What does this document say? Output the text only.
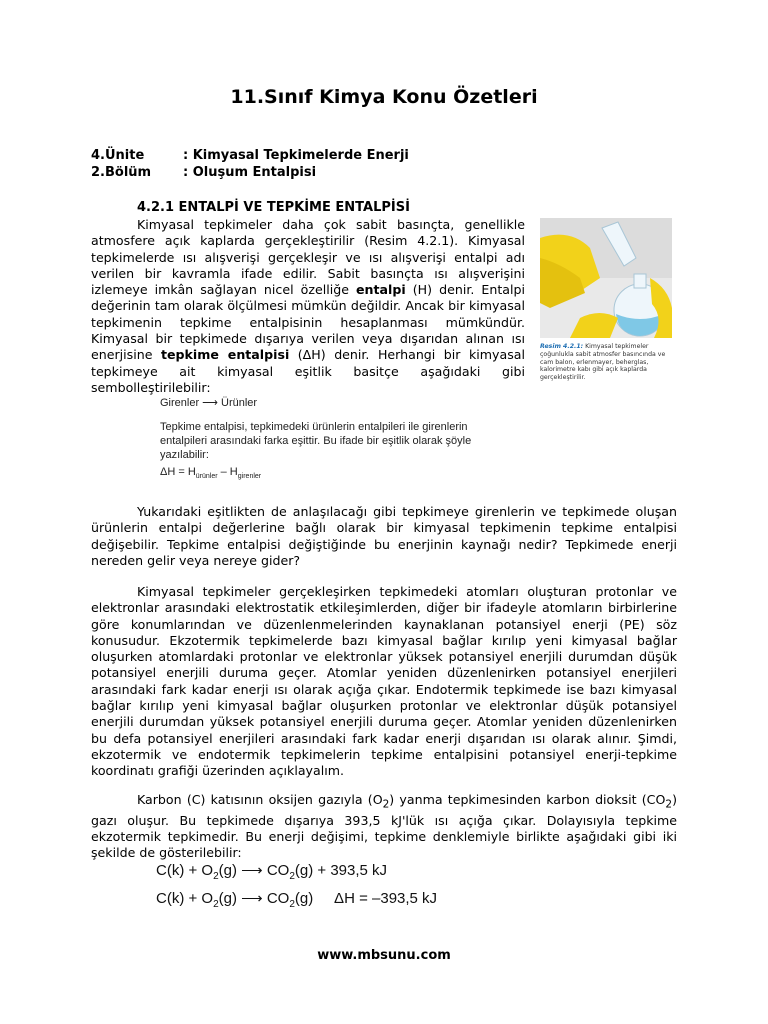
11.Sınıf Kimya Konu Özetleri
4.Ünite	: Kimyasal Tepkimelerde Enerji
2.Bölüm	: Oluşum Entalpisi
4.2.1 ENTALPİ VE TEPKİME ENTALPİSİ

Kimyasal tepkimeler daha çok sabit basınçta, genellikle atmosfere açık kaplarda gerçekleştirilir (Resim 4.2.1). Kimyasal tepkimelerde ısı alışverişi gerçekleşir ve ısı alışverişi entalpi adı verilen bir kavramla ifade edilir. Sabit basınçta ısı alışverişini izlemeye imkân sağlayan nicel özelliğe entalpi (H) denir. Entalpi değerinin tam olarak ölçülmesi mümkün değildir. Ancak bir kimyasal tepkimenin tepkime entalpisinin hesaplanması mümkündür. Kimyasal bir tepkimede dışarıya verilen veya dışarıdan alınan ısı enerjisine tepkime entalpisi (ΔH) denir. Herhangi bir kimyasal tepkimeye ait kimyasal eşitlik basitçe aşağıdaki gibi sembolleştirilebilir:

Resim 4.2.1: Kimyasal tepkimeler çoğunlukla sabit atmosfer basıncında ve cam balon, erlenmayer, beherglas, kalorimetre kabı gibi açık kaplarda gerçekleştirilir.
Girenler ⟶ Ürünler
Tepkime entalpisi, tepkimedeki ürünlerin entalpileri ile girenlerin entalpileri arasındaki farka eşittir. Bu ifade bir eşitlik olarak şöyle yazılabilir:
$\Delta H = H_{ürünler} - H_{girenler}$

Yukarıdaki eşitlikten de anlaşılacağı gibi tepkimeye girenlerin ve tepkimede oluşan ürünlerin entalpi değerlerine bağlı olarak bir kimyasal tepkimenin tepkime entalpisi değişebilir. Tepkime entalpisi değiştiğinde bu enerjinin kaynağı nedir? Tepkimede enerji nereden gelir veya nereye gider?

Kimyasal tepkimeler gerçekleşirken tepkimedeki atomları oluşturan protonlar ve elektronlar arasındaki elektrostatik etkileşimlerden, diğer bir ifadeyle atomların birbirlerine göre konumlarından ve düzenlenmelerinden kaynaklanan potansiyel enerji (PE) söz konusudur. Ekzotermik tepkimelerde bazı kimyasal bağlar kırılıp yeni kimyasal bağlar oluşurken atomlardaki protonlar ve elektronlar yüksek potansiyel enerjili durumdan düşük potansiyel enerjili duruma geçer. Atomlar yeniden düzenlenirken potansiyel enerjileri arasındaki fark kadar enerji ısı olarak açığa çıkar. Endotermik tepkimede ise bazı kimyasal bağlar kırılıp yeni kimyasal bağlar oluşurken protonlar ve elektronlar düşük potansiyel enerjili durumdan yüksek potansiyel enerjili duruma geçer. Atomlar yeniden düzenlenirken bu defa potansiyel enerjileri arasındaki fark kadar enerji dışarıdan ısı olarak alınır. Şimdi, ekzotermik ve endotermik tepkimelerin tepkime entalpisini potansiyel enerji-tepkime koordinatı grafiği üzerinden açıklayalım.

Karbon (C) katısının oksijen gazıyla $(O_2)$ yanma tepkimesinden karbon dioksit $(CO_2)$ gazı oluşur. Bu tepkimede dışarıya 393,5 kJ'lük ısı açığa çıkar. Dolayısıyla tepkime ekzotermik tepkimedir. Bu enerji değişimi, tepkime denklemiyle birlikte aşağıdaki gibi iki şekilde de gösterilebilir:

$C(k) + O_2(g)$ ⟶ $CO_2(g) + 393,5$ kJ
$C(k) + O_2(g)$ ⟶ $CO_2(g)$     ΔH = –393,5 kJ
www.mbsunu.com
